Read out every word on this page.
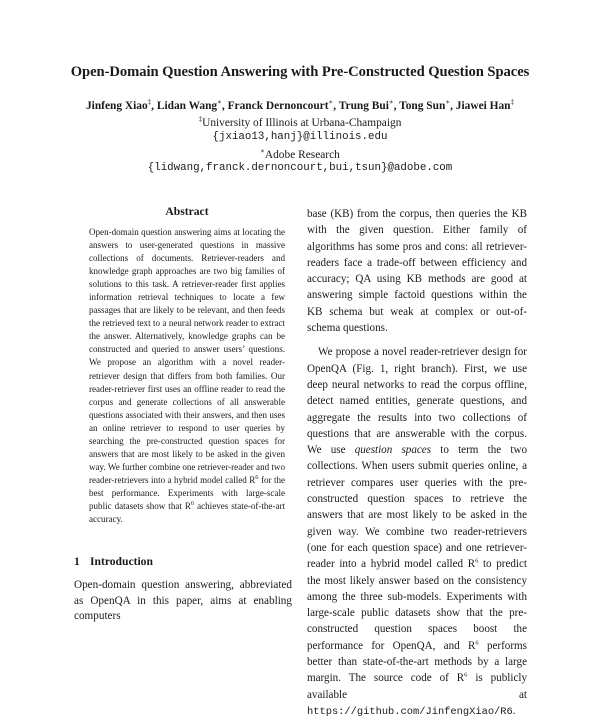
Open-Domain Question Answering with Pre-Constructed Question Spaces
Jinfeng Xiao‡, Lidan Wang∗, Franck Dernoncourt∗, Trung Bui∗, Tong Sun∗, Jiawei Han‡
‡University of Illinois at Urbana-Champaign
{jxiao13,hanj}@illinois.edu
∗Adobe Research
{lidwang,franck.dernoncourt,bui,tsun}@adobe.com
Abstract

Open-domain question answering aims at locating the answers to user-generated questions in massive collections of documents. Retriever-readers and knowledge graph approaches are two big families of solutions to this task. A retriever-reader first applies information retrieval techniques to locate a few passages that are likely to be relevant, and then feeds the retrieved text to a neural network reader to extract the answer. Alternatively, knowledge graphs can be constructed and queried to answer users’ questions. We propose an algorithm with a novel reader-retriever design that differs from both families. Our reader-retriever first uses an offline reader to read the corpus and generate collections of all answerable questions associated with their answers, and then uses an online retriever to respond to user queries by searching the pre-constructed question spaces for answers that are most likely to be asked in the given way. We further combine one retriever-reader and two reader-retrievers into a hybrid model called $R^6$ for the best performance. Experiments with large-scale public datasets show that $R^6$ achieves state-of-the-art accuracy.

1 Introduction

Open-domain question answering, abbreviated as OpenQA in this paper, aims at enabling computers

base (KB) from the corpus, then queries the KB with the given question. Either family of algorithms has some pros and cons: all retriever-readers face a trade-off between efficiency and accuracy; QA using KB methods are good at answering simple factoid questions within the KB schema but weak at complex or out-of-schema questions.

We propose a novel reader-retriever design for OpenQA (Fig. 1, right branch). First, we use deep neural networks to read the corpus offline, detect named entities, generate questions, and aggregate the results into two collections of questions that are answerable with the corpus. We use question spaces to term the two collections. When users submit queries online, a retriever compares user queries with the pre-constructed question spaces to retrieve the answers that are most likely to be asked in the given way. We combine two reader-retrievers (one for each question space) and one retriever-reader into a hybrid model called $R^6$ to predict the most likely answer based on the consistency among the three sub-models. Experiments with large-scale public datasets show that the pre-constructed question spaces boost the performance for OpenQA, and $R^6$ performs better than state-of-the-art methods by a large margin. The source code of $R^6$ is publicly available at https://github.com/JinfengXiao/R6.
